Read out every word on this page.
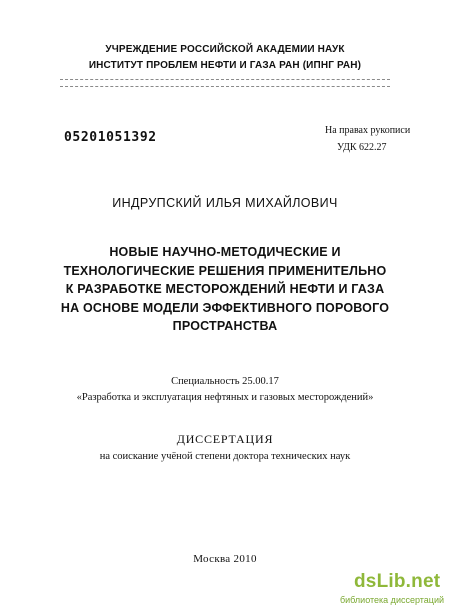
УЧРЕЖДЕНИЕ РОССИЙСКОЙ АКАДЕМИИ НАУК
ИНСТИТУТ ПРОБЛЕМ НЕФТИ И ГАЗА РАН (ИПНГ РАН)
05201051392	На правах рукописи
УДК 622.27
ИНДРУПСКИЙ ИЛЬЯ МИХАЙЛОВИЧ
НОВЫЕ НАУЧНО-МЕТОДИЧЕСКИЕ И
ТЕХНОЛОГИЧЕСКИЕ РЕШЕНИЯ ПРИМЕНИТЕЛЬНО
К РАЗРАБОТКЕ МЕСТОРОЖДЕНИЙ НЕФТИ И ГАЗА
НА ОСНОВЕ МОДЕЛИ ЭФФЕКТИВНОГО ПОРОВОГО
ПРОСТРАНСТВА
Специальность 25.00.17
«Разработка и эксплуатация нефтяных и газовых месторождений»
ДИССЕРТАЦИЯ
на соискание учёной степени доктора технических наук
Москва 2010
dsLib.net
библиотека диссертаций
